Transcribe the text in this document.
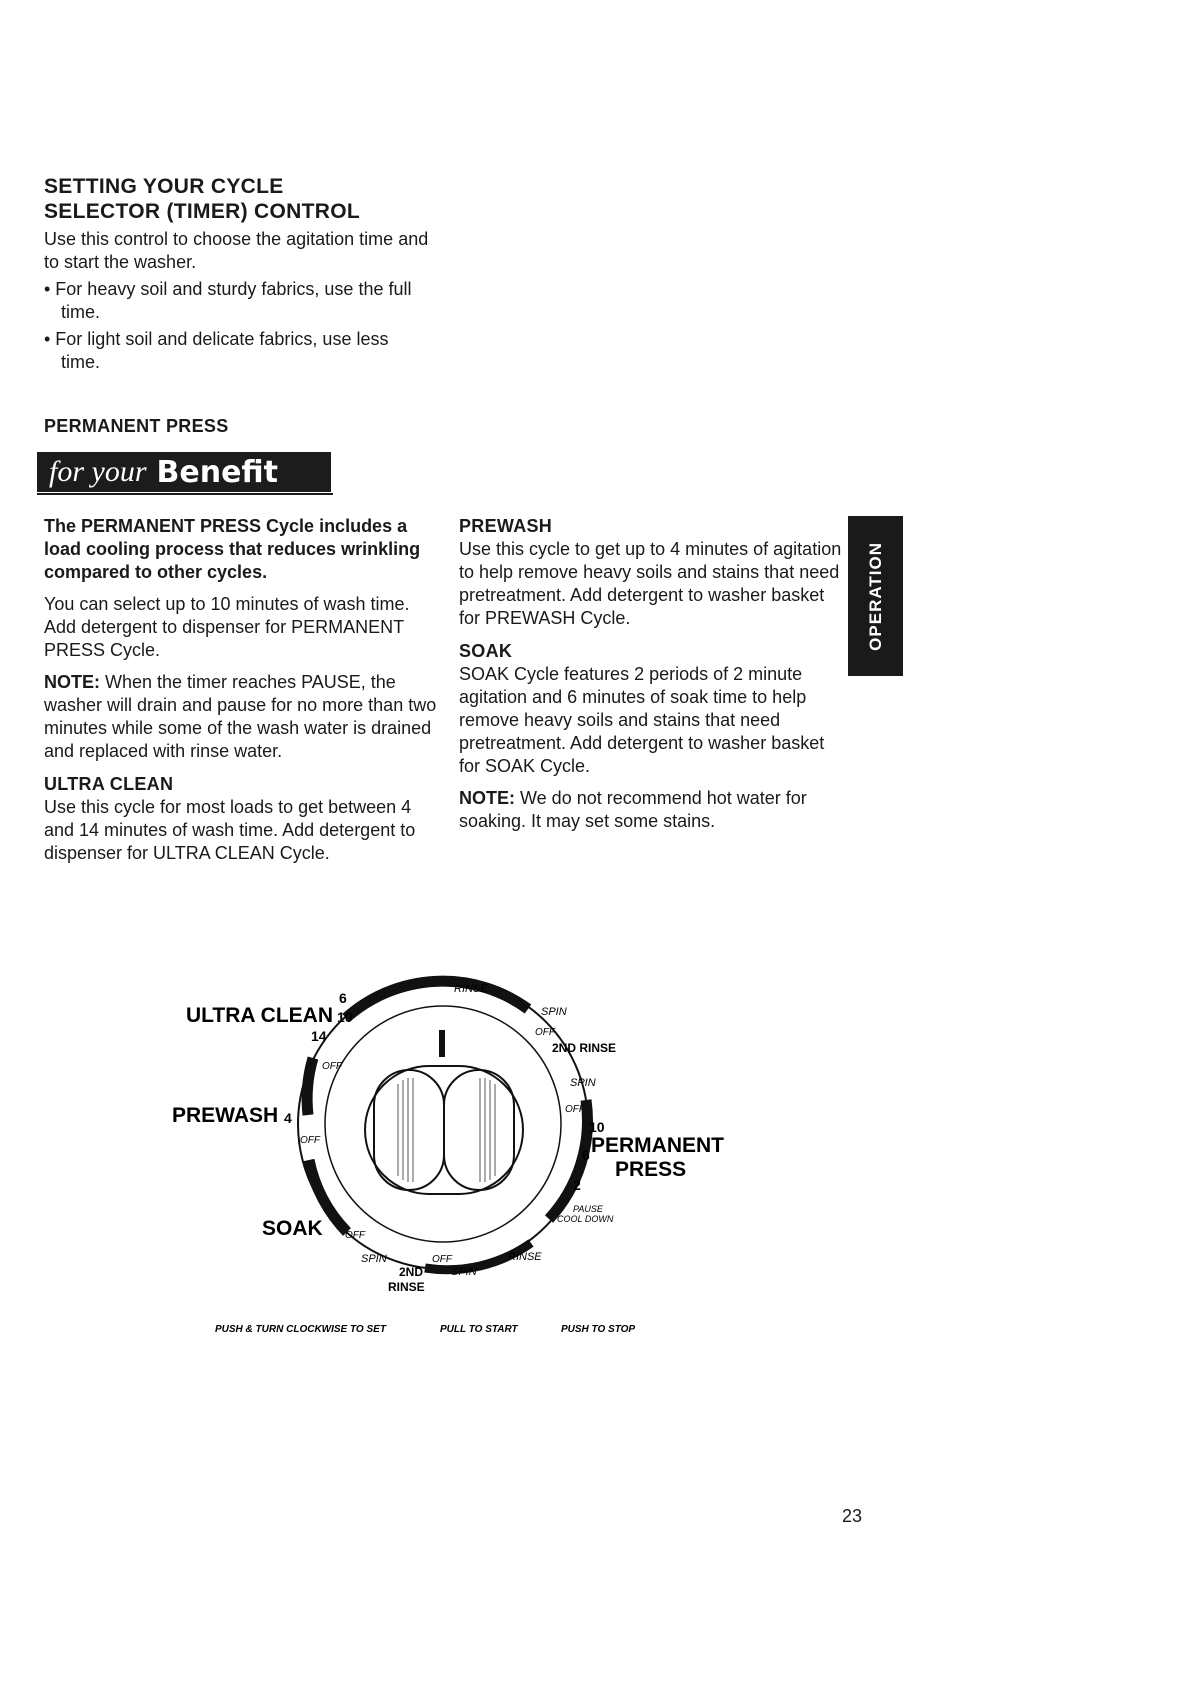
SETTING YOUR CYCLE
SELECTOR (TIMER) CONTROL

Use this control to choose the agitation time and to start the washer.

• For heavy soil and sturdy fabrics, use the full time.

• For light soil and delicate fabrics, use less time.

PERMANENT PRESS
for your Benefit

The PERMANENT PRESS Cycle includes a load cooling process that reduces wrinkling compared to other cycles.

You can select up to 10 minutes of wash time. Add detergent to dispenser for PERMANENT PRESS Cycle.

NOTE: When the timer reaches PAUSE, the washer will drain and pause for no more than two minutes while some of the wash water is drained and replaced with rinse water.

ULTRA CLEAN

Use this cycle for most loads to get between 4 and 14 minutes of wash time. Add detergent to dispenser for ULTRA CLEAN Cycle.

PREWASH

Use this cycle to get up to 4 minutes of agitation to help remove heavy soils and stains that need pretreatment. Add detergent to washer basket for PREWASH Cycle.

SOAK

SOAK Cycle features 2 periods of 2 minute agitation and 6 minutes of soak time to help remove heavy soils and stains that need pretreatment. Add detergent to washer basket for SOAK Cycle.

NOTE: We do not recommend hot water for soaking. It may set some stains.

OPERATION
ULTRA CLEAN
PREWASH
SOAK
PERMANENT
PRESS
6
10
14
4
10
6
2
RINSE
SPIN
OFF
2ND RINSE
SPIN
OFF
PAUSE
COOL DOWN
RINSE
SPIN
OFF
SPIN
2ND
RINSE
OFF
OFF
OFF
PUSH & TURN CLOCKWISE TO SET	PULL TO START	PUSH TO STOP
23
